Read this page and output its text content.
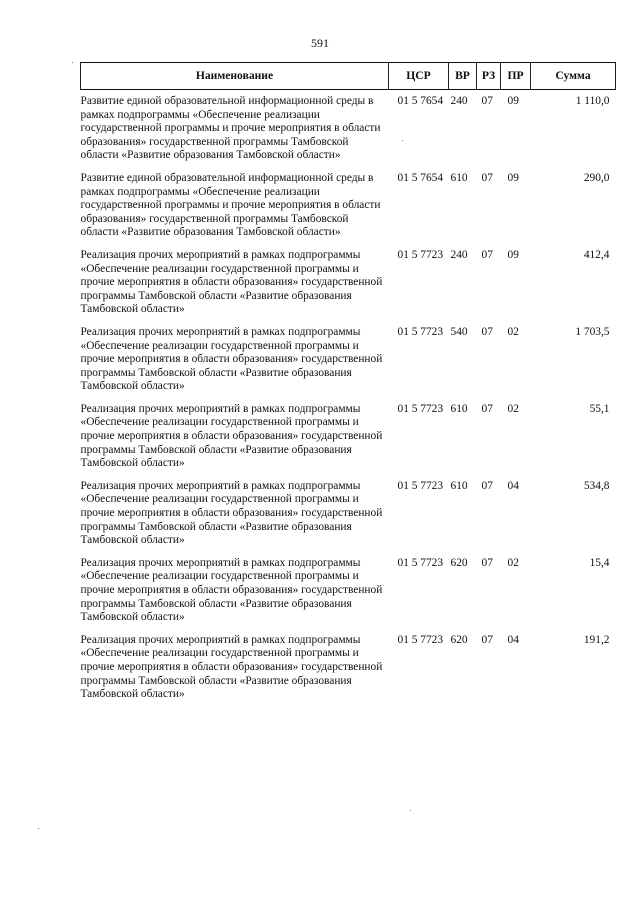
591
Наименование	ЦСР	ВР	РЗ	ПР	Сумма
Развитие единой образовательной информационной среды в рамках подпрограммы «Обеспечение реализации государственной программы и прочие мероприятия в области образования» государственной программы Тамбовской области «Развитие образования Тамбовской области»	01 5 7654	240	07	09	1 110,0
Развитие единой образовательной информационной среды в рамках подпрограммы «Обеспечение реализации государственной программы и прочие мероприятия в области образования» государственной программы Тамбовской области «Развитие образования Тамбовской области»	01 5 7654	610	07	09	290,0
Реализация прочих мероприятий в рамках подпрограммы «Обеспечение реализации государственной программы и прочие мероприятия в области образования» государственной программы Тамбовской области «Развитие образования Тамбовской области»	01 5 7723	240	07	09	412,4
Реализация прочих мероприятий в рамках подпрограммы «Обеспечение реализации государственной программы и прочие мероприятия в области образования» государственной программы Тамбовской области «Развитие образования Тамбовской области»	01 5 7723	540	07	02	1 703,5
Реализация прочих мероприятий в рамках подпрограммы «Обеспечение реализации государственной программы и прочие мероприятия в области образования» государственной программы Тамбовской области «Развитие образования Тамбовской области»	01 5 7723	610	07	02	55,1
Реализация прочих мероприятий в рамках подпрограммы «Обеспечение реализации государственной программы и прочие мероприятия в области образования» государственной программы Тамбовской области «Развитие образования Тамбовской области»	01 5 7723	610	07	04	534,8
Реализация прочих мероприятий в рамках подпрограммы «Обеспечение реализации государственной программы и прочие мероприятия в области образования» государственной программы Тамбовской области «Развитие образования Тамбовской области»	01 5 7723	620	07	02	15,4
Реализация прочих мероприятий в рамках подпрограммы «Обеспечение реализации государственной программы и прочие мероприятия в области образования» государственной программы Тамбовской области «Развитие образования Тамбовской области»	01 5 7723	620	07	04	191,2
